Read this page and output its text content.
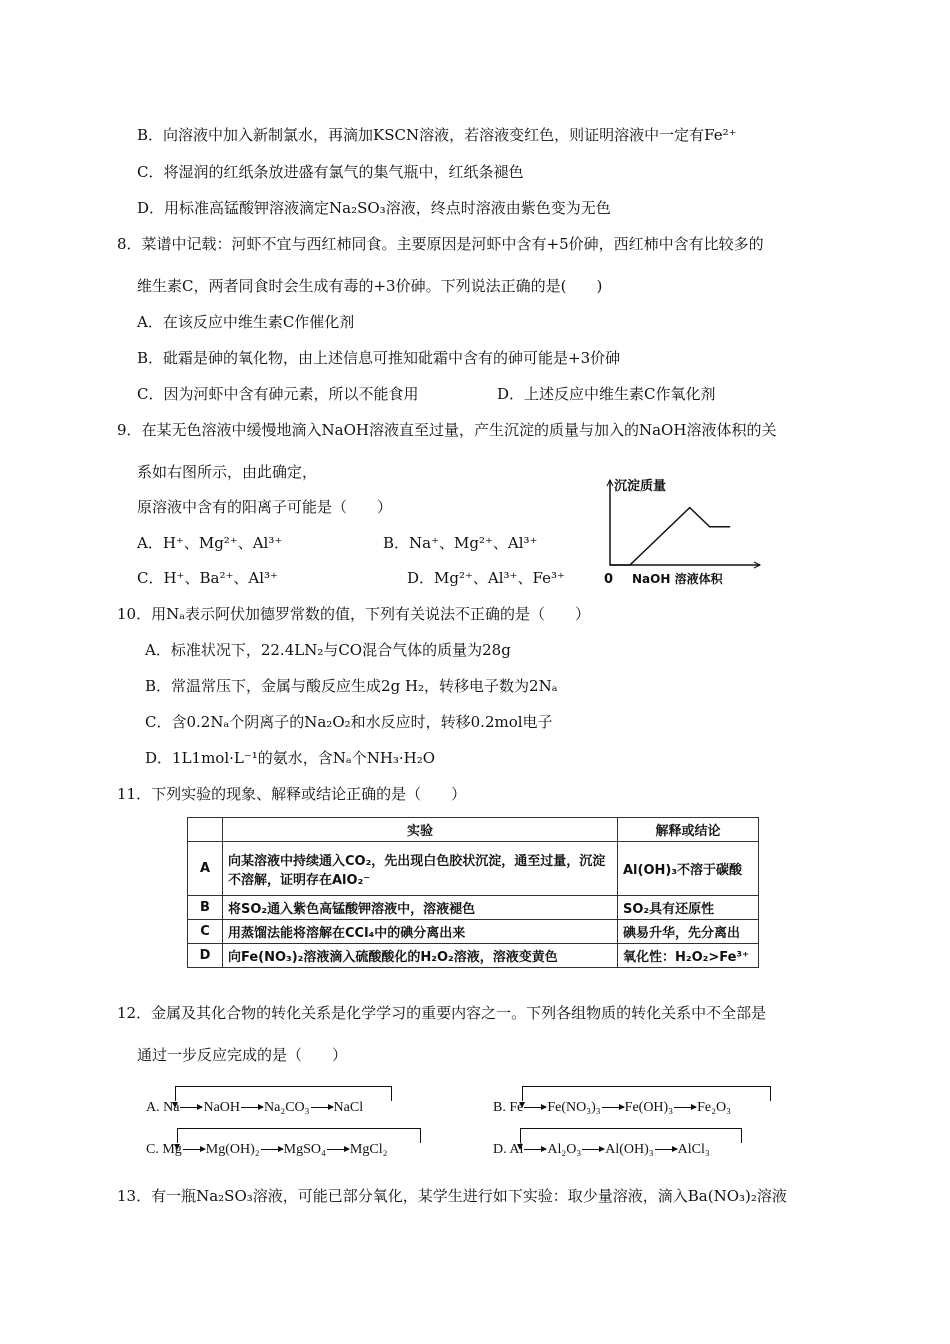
B．向溶液中加入新制氯水，再滴加KSCN溶液，若溶液变红色，则证明溶液中一定有Fe²⁺
C．将湿润的红纸条放进盛有氯气的集气瓶中，红纸条褪色
D．用标准高锰酸钾溶液滴定Na₂SO₃溶液，终点时溶液由紫色变为无色
8．菜谱中记载：河虾不宜与西红柿同食。主要原因是河虾中含有+5价砷，西红柿中含有比较多的
维生素C，两者同食时会生成有毒的+3价砷。下列说法正确的是(　　)
A．在该反应中维生素C作催化剂
B．砒霜是砷的氧化物，由上述信息可推知砒霜中含有的砷可能是+3价砷
C．因为河虾中含有砷元素，所以不能食用	D．上述反应中维生素C作氧化剂
9．在某无色溶液中缓慢地滴入NaOH溶液直至过量，产生沉淀的质量与加入的NaOH溶液体积的关
系如右图所示，由此确定，
原溶液中含有的阳离子可能是（　　）
A．H⁺、Mg²⁺、Al³⁺	B．Na⁺、Mg²⁺、Al³⁺
C．H⁺、Ba²⁺、Al³⁺	D．Mg²⁺、Al³⁺、Fe³⁺
沉淀质量
NaOH 溶液体积
0
10．用Nₐ表示阿伏加德罗常数的值，下列有关说法不正确的是（　　）
A．标准状况下，22.4LN₂与CO混合气体的质量为28g
B．常温常压下，金属与酸反应生成2g H₂，转移电子数为2Nₐ
C．含0.2Nₐ个阴离子的Na₂O₂和水反应时，转移0.2mol电子
D．1L1mol·L⁻¹的氨水，含Nₐ个NH₃·H₂O
11．下列实验的现象、解释或结论正确的是（　　）
	实验	解释或结论
A	向某溶液中持续通入CO₂，先出现白色胶状沉淀，通至过量，沉淀不溶解，证明存在AlO₂⁻	Al(OH)₃不溶于碳酸
B	将SO₂通入紫色高锰酸钾溶液中，溶液褪色	SO₂具有还原性
C	用蒸馏法能将溶解在CCl₄中的碘分离出来	碘易升华，先分离出
D	向Fe(NO₃)₂溶液滴入硫酸酸化的H₂O₂溶液，溶液变黄色	氧化性：H₂O₂>Fe³⁺
12．金属及其化合物的转化关系是化学学习的重要内容之一。下列各组物质的转化关系中不全部是
通过一步反应完成的是（　　）
A. Na NaOH Na₂CO₃ NaCl	B. Fe Fe(NO₃)₃ Fe(OH)₃ Fe₂O₃
C. Mg Mg(OH)₂ MgSO₄ MgCl₂	D. Al Al₂O₃ Al(OH)₃ AlCl₃
13．有一瓶Na₂SO₃溶液，可能已部分氧化，某学生进行如下实验：取少量溶液，滴入Ba(NO₃)₂溶液
